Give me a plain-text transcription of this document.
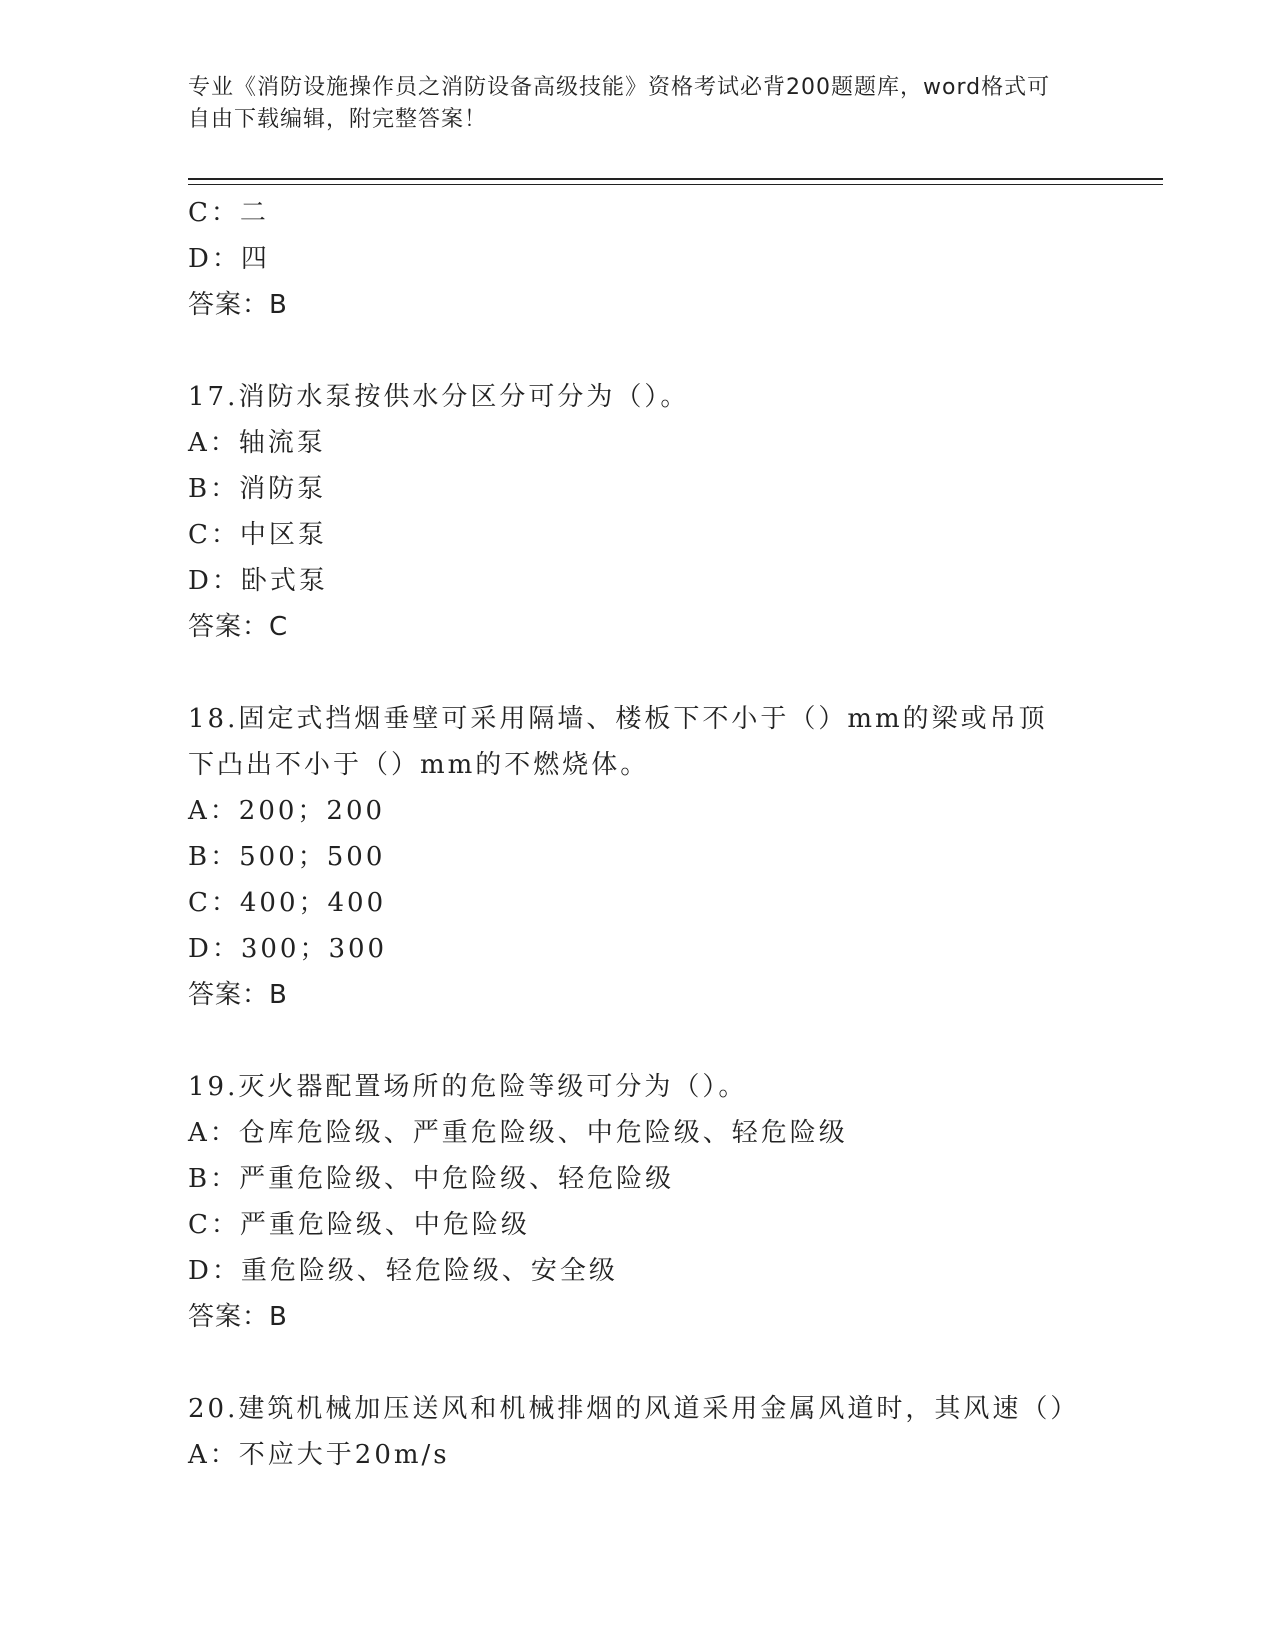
专业《消防设施操作员之消防设备高级技能》资格考试必背200题题库，word格式可自由下载编辑，附完整答案！
C：二
D：四
答案：B
17.消防水泵按供水分区分可分为（）。
A：轴流泵
B：消防泵
C：中区泵
D：卧式泵
答案：C
18.固定式挡烟垂壁可采用隔墙、楼板下不小于（）mm的梁或吊顶下凸出不小于（）mm的不燃烧体。
A：200；200
B：500；500
C：400；400
D：300；300
答案：B
19.灭火器配置场所的危险等级可分为（）。
A：仓库危险级、严重危险级、中危险级、轻危险级
B：严重危险级、中危险级、轻危险级
C：严重危险级、中危险级
D：重危险级、轻危险级、安全级
答案：B
20.建筑机械加压送风和机械排烟的风道采用金属风道时，其风速（）
A：不应大于20m/s
